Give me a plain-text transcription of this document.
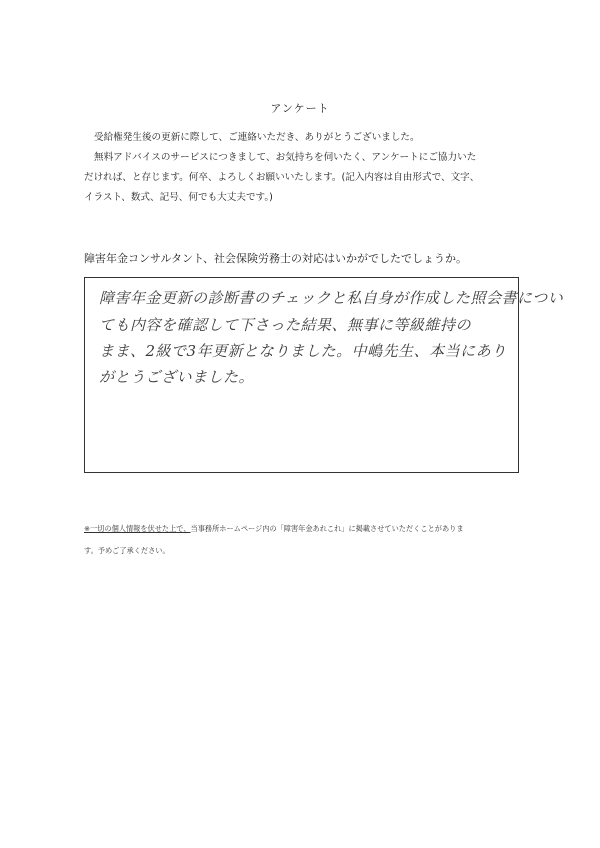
アンケート
受給権発生後の更新に際して、ご連絡いただき、ありがとうございました。
無料アドバイスのサービスにつきまして、お気持ちを伺いたく、アンケートにご協力いた
だければ、と存じます。何卒、よろしくお願いいたします。(記入内容は自由形式で、文字、
イラスト、数式、記号、何でも大丈夫です。)
障害年金コンサルタント、社会保険労務士の対応はいかがでしたでしょうか。
障害年金更新の診断書のチェックと私自身が作成した照会書につい
ても内容を確認して下さった結果、無事に等級維持の
まま、2級で3年更新となりました。中嶋先生、本当にあり
がとうございました。
※一切の個人情報を伏せた上で、当事務所ホームページ内の「障害年金あれこれ」に掲載させていただくことがありま
す。予めご了承ください。
